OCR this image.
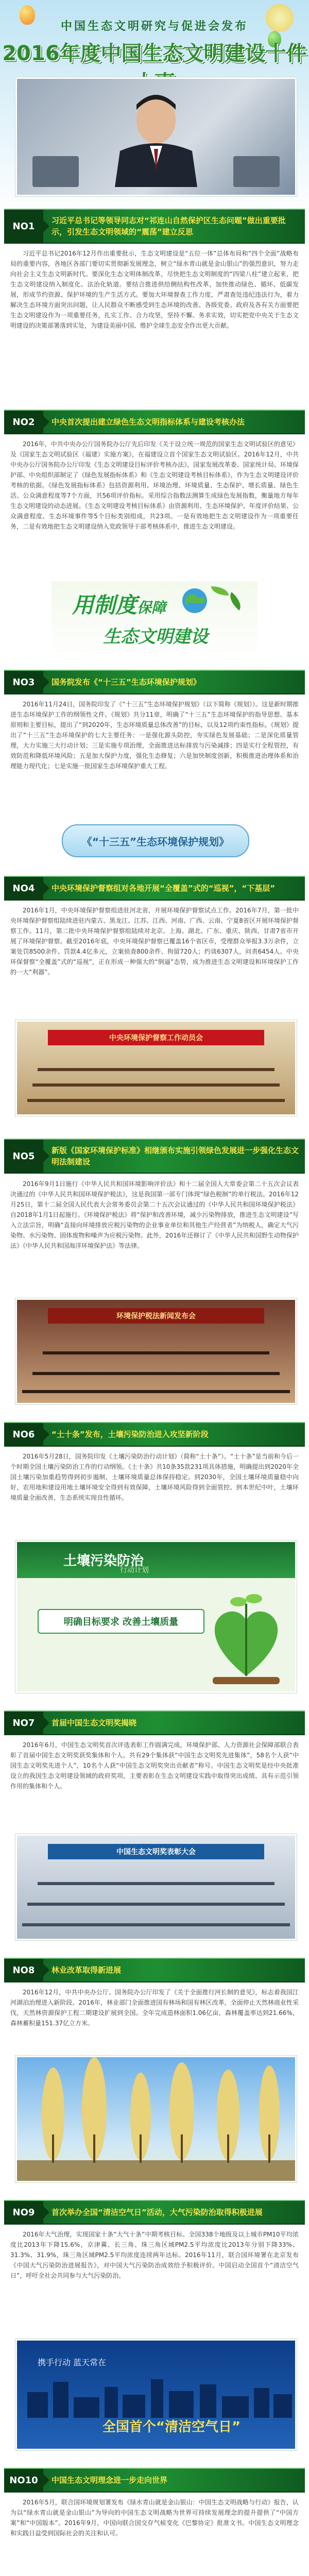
中国生态文明研究与促进会发布
2016年度中国生态文明建设十件
NO1
习近平总书记等领导同志对“祁连山自然保护区生态问题”做出重要批示，引发生态文明领域的“震荡”建立反思

习近平总书记2016年12月作出重要批示，生态文明建设是“五位一体”总体布局和“四个全面”战略布局的重要内容，各地区各部门要切实贯彻新发展理念，树立“绿水青山就是金山银山”的强烈意识，努力走向社会主义生态文明新时代。要深化生态文明体制改革，尽快把生态文明制度的“四梁八柱”建立起来，把生态文明建设纳入制度化、法治化轨道。要结合推进供给侧结构性改革，加快推动绿色、循环、低碳发展，形成节约资源、保护环境的生产生活方式。要加大环境督查工作力度，严肃查处违纪违法行为，着力解决生态环境方面突出问题，让人民群众不断感受到生态环境的改善。各级党委、政府及各有关方面要把生态文明建设作为一项重要任务，扎实工作、合力攻坚，坚持不懈、务求实效，切实把党中央关于生态文明建设的决策部署落到实处，为建设美丽中国、维护全球生态安全作出更大贡献。

NO2	中央首次提出建立绿色生态文明指标体系与建设考核办法

2016年，中共中央办公厅国务院办公厅先后印发《关于设立统一规范的国家生态文明试验区的意见》及《国家生态文明试验区（福建）实施方案》，在福建设立首个国家生态文明试验区。2016年12月，中共中央办公厅国务院办公厅印发《生态文明建设目标评价考核办法》，国家发展改革委、国家统计局、环境保护部、中央组织部制定了《绿色发展指标体系》和《生态文明建设考核目标体系》，作为生态文明建设评价考核的依据。《绿色发展指标体系》包括资源利用、环境治理、环境质量、生态保护、增长质量、绿色生活、公众满意程度等7个方面，共56项评价指标。采用综合指数法测算生成绿色发展指数，衡量地方每年生态文明建设的动态进展。《生态文明建设考核目标体系》由资源利用、生态环境保护、年度评价结果、公众满意程度、生态环境事件等5个目标类别组成，共23项。一是有效地把生态文明建设作为一项重要任务，二是有效地把生态文明建设纳入党政领导干部考核体系中，推进生态文明建设。

用制度保障
生态文明建设
NO3	国务院发布《“十三五”生态环境保护规划》

2016年11月24日，国务院印发了《“十三五”生态环境保护规划》（以下简称《规划》）。这是新时期推进生态环境保护工作的纲领性文件。《规划》共分11章，明确了“十三五”生态环境保护的指导思想、基本原则和主要目标，提出了“到2020年，生态环境质量总体改善”的目标，以及12项约束性指标。《规划》提出了“十三五”生态环境保护的七大主要任务：一是强化源头防控，夯实绿色发展基础；二是深化质量管理，大力实施三大行动计划；三是实施专项治理，全面推进达标排放与污染减排；四是实行全程管控，有效防范和降低环境风险；五是加大保护力度，强化生态修复；六是加快制度创新，积极推进治理体系和治理能力现代化；七是实施一批国家生态环境保护重大工程。

《“十三五”生态环境保护规划》
NO4	中央环境保护督察组对各地开展“全覆盖”式的“巡视”，“下基层”

2016年1月，中央环境保护督察组进驻河北省，开展环境保护督察试点工作。2016年7月，第一批中央环境保护督察组陆续进驻内蒙古、黑龙江、江苏、江西、河南、广西、云南、宁夏8省区开展环境保护督察工作。11月，第二批中央环境保护督察组陆续对北京、上海、湖北、广东、重庆、陕西、甘肃7省市开展了环境保护督察。截至2016年底，中央环境保护督察已覆盖16个省区市，受理群众举报3.3万余件，立案处罚8500余件、罚款4.4亿多元，立案侦查800余件、拘留720人；约谈6307人，问责6454人。中央环保督察“全覆盖”式的“巡视”，正在形成一种强大的“倒逼”态势，成为推进生态文明建设和环境保护工作的一大“利器”。

中央环境保护督察工作动员会
NO5
新版《国家环境保护标准》相继颁布实施引领绿色发展进一步强化生态文明法制建设

2016年9月1日施行《中华人民共和国环境影响评价法》和十二届全国人大常委会第二十五次会议表决通过的《中华人民共和国环境保护税法》，这是我国第一部专门体现“绿色税制”的单行税法。2016年12月25日，第十二届全国人民代表大会常务委员会第二十五次会议通过的《中华人民共和国环境保护税法》自2018年1月1日起施行。《环境保护税法》将“保护和改善环境，减少污染物排放，推进生态文明建设”写入立法宗旨，明确“直接向环境排放应税污染物的企业事业单位和其他生产经营者”为纳税人，确定大气污染物、水污染物、固体废物和噪声为应税污染物。此外，2016年还修订了《中华人民共和国野生动物保护法》《中华人民共和国海洋环境保护法》等法律。

环境保护税法新闻发布会
NO6	“土十条”发布，土壤污染防治进入攻坚新阶段

2016年5月28日，国务院印发《土壤污染防治行动计划》（简称“土十条”）。“土十条”是当前和今后一个时期全国土壤污染防治工作的行动纲领。《土十条》共10条35款231项具体措施，明确提出到2020年全国土壤污染加重趋势得到初步遏制，土壤环境质量总体保持稳定。到2030年，全国土壤环境质量稳中向好，农用地和建设用地土壤环境安全得到有效保障，土壤环境风险得到全面管控。到本世纪中叶，土壤环境质量全面改善，生态系统实现良性循环。

土壤污染防治
行动计划
明确目标要求 改善土壤质量
NO7	首届中国生态文明奖揭晓

2016年6月，中国生态文明奖首次评选表彰工作圆满完成，环境保护部、人力资源社会保障部联合表彰了首届中国生态文明奖获奖集体和个人。共有29个集体获“中国生态文明奖先进集体”，58名个人获“中国生态文明奖先进个人”，10名个人获“中国生态文明奖突出贡献者”称号。中国生态文明奖是经中央批准设立的我国生态文明建设领域的政府奖项，主要表彰在生态文明建设实践中取得突出成绩、具有示范引领作用的集体和个人。

中国生态文明奖表彰大会
NO8	林业改革取得新进展

2016年12月，中共中央办公厅、国务院办公厅印发了《关于全面推行河长制的意见》，标志着我国江河湖泊治理进入新阶段。2016年，林业部门全面推进国有林场和国有林区改革，全面停止天然林商业性采伐，天然林资源保护工程二期建设扩展到全国。全年完成造林面积1.06亿亩，森林覆盖率达到21.66%，森林蓄积量151.37亿立方米。

NO9	首次举办全国“清洁空气日”活动，大气污染防治取得积极进展

2016年大气治理，实现国家十条“大气十条”中期考核目标。全国338个地级及以上城市PM10平均浓度比2013年下降15.6%，京津冀、长三角、珠三角区域PM2.5平均浓度比2013年分别下降33%、31.3%、31.9%，珠三角区域PM2.5平均浓度连续两年达标。2016年11月，联合国环境署在北京发布《中国大气污染防治进展报告》，对中国大气污染防治成效给予积极评价。中国启动全国首个“清洁空气日”，呼吁全社会共同参与大气污染防治。

携手行动 蓝天常在
全国首个“清洁空气日”
NO10	中国生态文明理念进一步走向世界

2016年5月，联合国环境规划署发布《绿水青山就是金山银山：中国生态文明战略与行动》报告，认为以“绿水青山就是金山银山”为导向的中国生态文明战略为世界可持续发展理念的提升提供了“中国方案”和“中国版本”。2016年9月，中国向联合国交存气候变化《巴黎协定》批准文书。中国生态文明理念和实践日益受到国际社会的关注和认可。
